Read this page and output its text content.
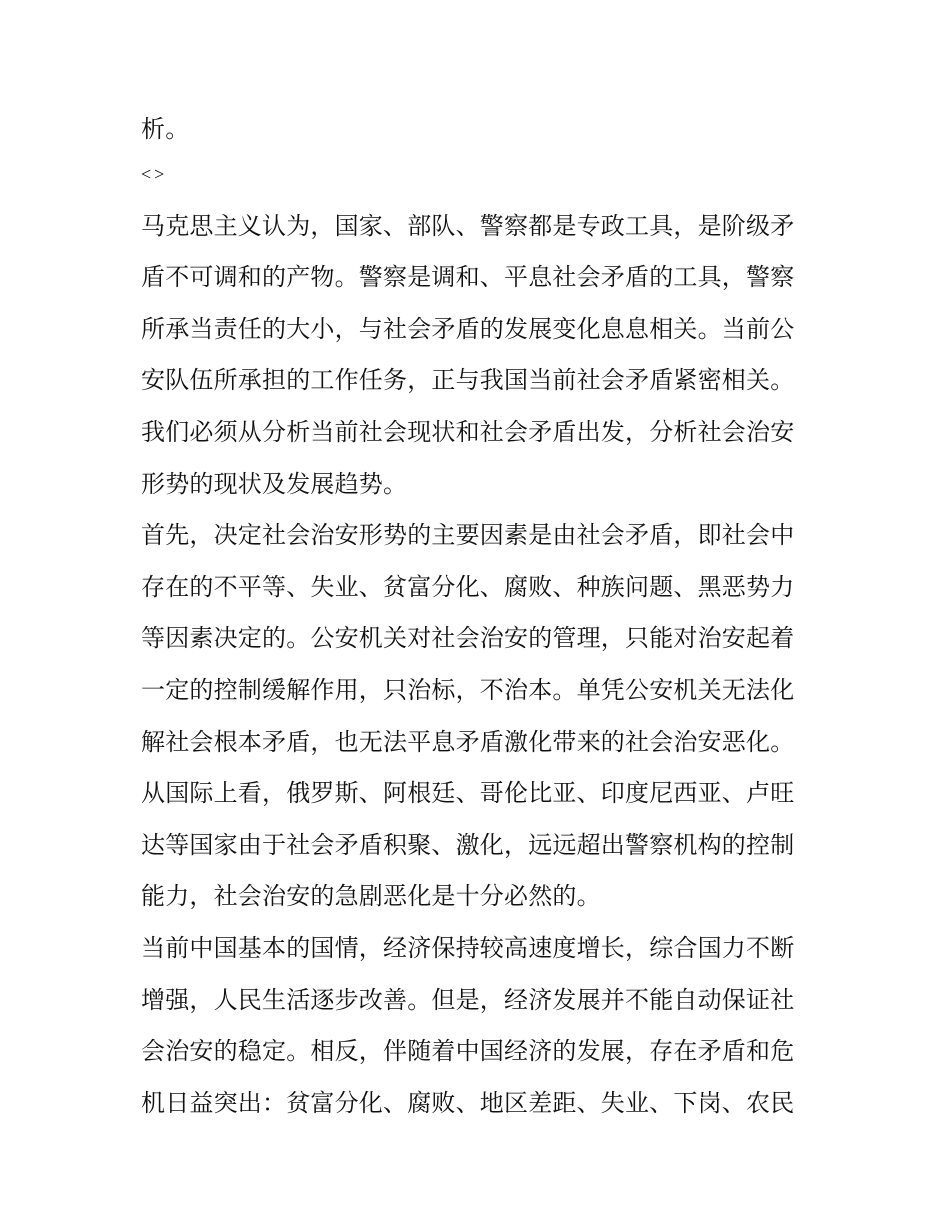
析。
<>
马克思主义认为，国家、部队、警察都是专政工具，是阶级矛
盾不可调和的产物。警察是调和、平息社会矛盾的工具，警察
所承当责任的大小，与社会矛盾的发展变化息息相关。当前公
安队伍所承担的工作任务，正与我国当前社会矛盾紧密相关。
我们必须从分析当前社会现状和社会矛盾出发，分析社会治安
形势的现状及发展趋势。
首先，决定社会治安形势的主要因素是由社会矛盾，即社会中
存在的不平等、失业、贫富分化、腐败、种族问题、黑恶势力
等因素决定的。公安机关对社会治安的管理，只能对治安起着
一定的控制缓解作用，只治标，不治本。单凭公安机关无法化
解社会根本矛盾，也无法平息矛盾激化带来的社会治安恶化。
从国际上看，俄罗斯、阿根廷、哥伦比亚、印度尼西亚、卢旺
达等国家由于社会矛盾积聚、激化，远远超出警察机构的控制
能力，社会治安的急剧恶化是十分必然的。
当前中国基本的国情，经济保持较高速度增长，综合国力不断
增强，人民生活逐步改善。但是，经济发展并不能自动保证社
会治安的稳定。相反，伴随着中国经济的发展，存在矛盾和危
机日益突出：贫富分化、腐败、地区差距、失业、下岗、农民
